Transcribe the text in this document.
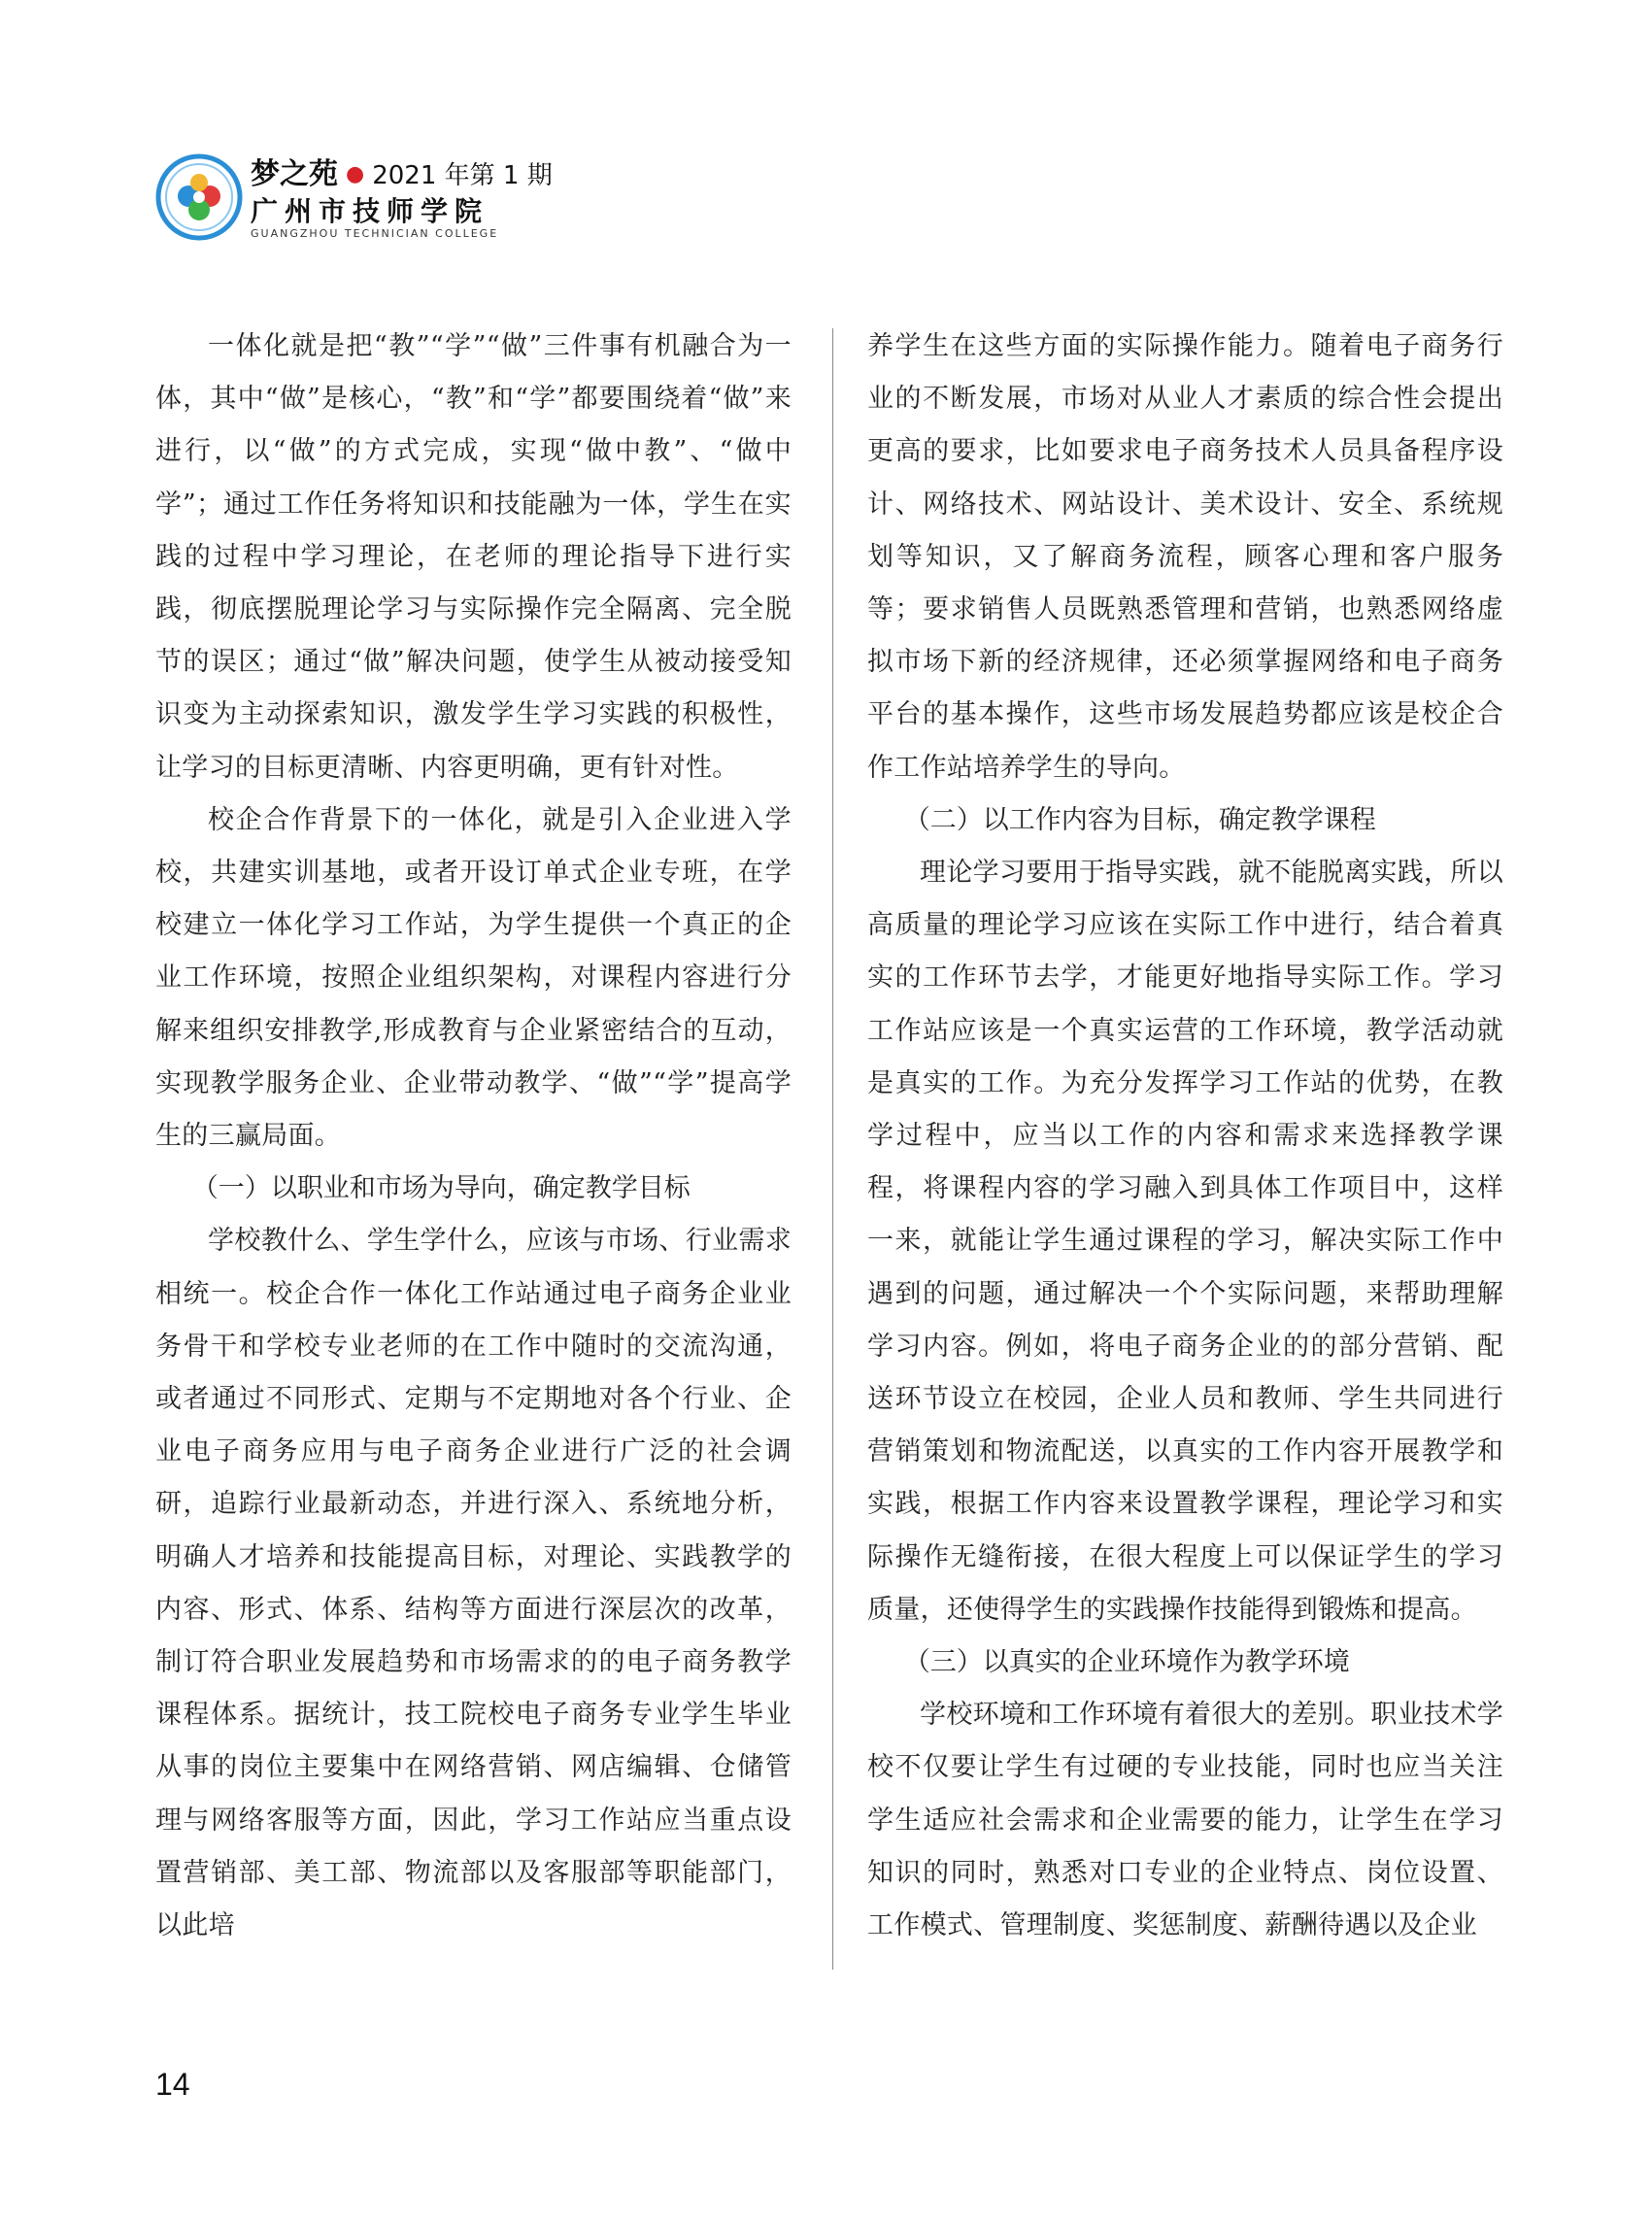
梦之苑 ● 2021 年第 1 期
广州市技师学院
GUANGZHOU TECHNICIAN COLLEGE

一体化就是把“教”“学”“做”三件事有机融合为一体，其中“做”是核心，“教”和“学”都要围绕着“做”来进行，以“做”的方式完成，实现“做中教”、“做中学”；通过工作任务将知识和技能融为一体，学生在实践的过程中学习理论，在老师的理论指导下进行实践，彻底摆脱理论学习与实际操作完全隔离、完全脱节的误区；通过“做”解决问题，使学生从被动接受知识变为主动探索知识，激发学生学习实践的积极性，让学习的目标更清晰、内容更明确，更有针对性。

校企合作背景下的一体化，就是引入企业进入学校，共建实训基地，或者开设订单式企业专班，在学校建立一体化学习工作站，为学生提供一个真正的企业工作环境，按照企业组织架构，对课程内容进行分解来组织安排教学,形成教育与企业紧密结合的互动，实现教学服务企业、企业带动教学、“做”“学”提高学生的三赢局面。

（一）以职业和市场为导向，确定教学目标

学校教什么、学生学什么，应该与市场、行业需求相统一。校企合作一体化工作站通过电子商务企业业务骨干和学校专业老师的在工作中随时的交流沟通，或者通过不同形式、定期与不定期地对各个行业、企业电子商务应用与电子商务企业进行广泛的社会调研，追踪行业最新动态，并进行深入、系统地分析，明确人才培养和技能提高目标，对理论、实践教学的内容、形式、体系、结构等方面进行深层次的改革，制订符合职业发展趋势和市场需求的的电子商务教学课程体系。据统计，技工院校电子商务专业学生毕业从事的岗位主要集中在网络营销、网店编辑、仓储管理与网络客服等方面，因此，学习工作站应当重点设置营销部、美工部、物流部以及客服部等职能部门，以此培

养学生在这些方面的实际操作能力。随着电子商务行业的不断发展，市场对从业人才素质的综合性会提出更高的要求，比如要求电子商务技术人员具备程序设计、网络技术、网站设计、美术设计、安全、系统规划等知识，又了解商务流程，顾客心理和客户服务等；要求销售人员既熟悉管理和营销，也熟悉网络虚拟市场下新的经济规律，还必须掌握网络和电子商务平台的基本操作，这些市场发展趋势都应该是校企合作工作站培养学生的导向。

（二）以工作内容为目标，确定教学课程

理论学习要用于指导实践，就不能脱离实践，所以高质量的理论学习应该在实际工作中进行，结合着真实的工作环节去学，才能更好地指导实际工作。学习工作站应该是一个真实运营的工作环境，教学活动就是真实的工作。为充分发挥学习工作站的优势，在教学过程中，应当以工作的内容和需求来选择教学课程，将课程内容的学习融入到具体工作项目中，这样一来，就能让学生通过课程的学习，解决实际工作中遇到的问题，通过解决一个个实际问题，来帮助理解学习内容。例如，将电子商务企业的的部分营销、配送环节设立在校园，企业人员和教师、学生共同进行营销策划和物流配送，以真实的工作内容开展教学和实践，根据工作内容来设置教学课程，理论学习和实际操作无缝衔接，在很大程度上可以保证学生的学习质量，还使得学生的实践操作技能得到锻炼和提高。

（三）以真实的企业环境作为教学环境

学校环境和工作环境有着很大的差别。职业技术学校不仅要让学生有过硬的专业技能，同时也应当关注学生适应社会需求和企业需要的能力，让学生在学习知识的同时，熟悉对口专业的企业特点、岗位设置、工作模式、管理制度、奖惩制度、薪酬待遇以及企业

14
